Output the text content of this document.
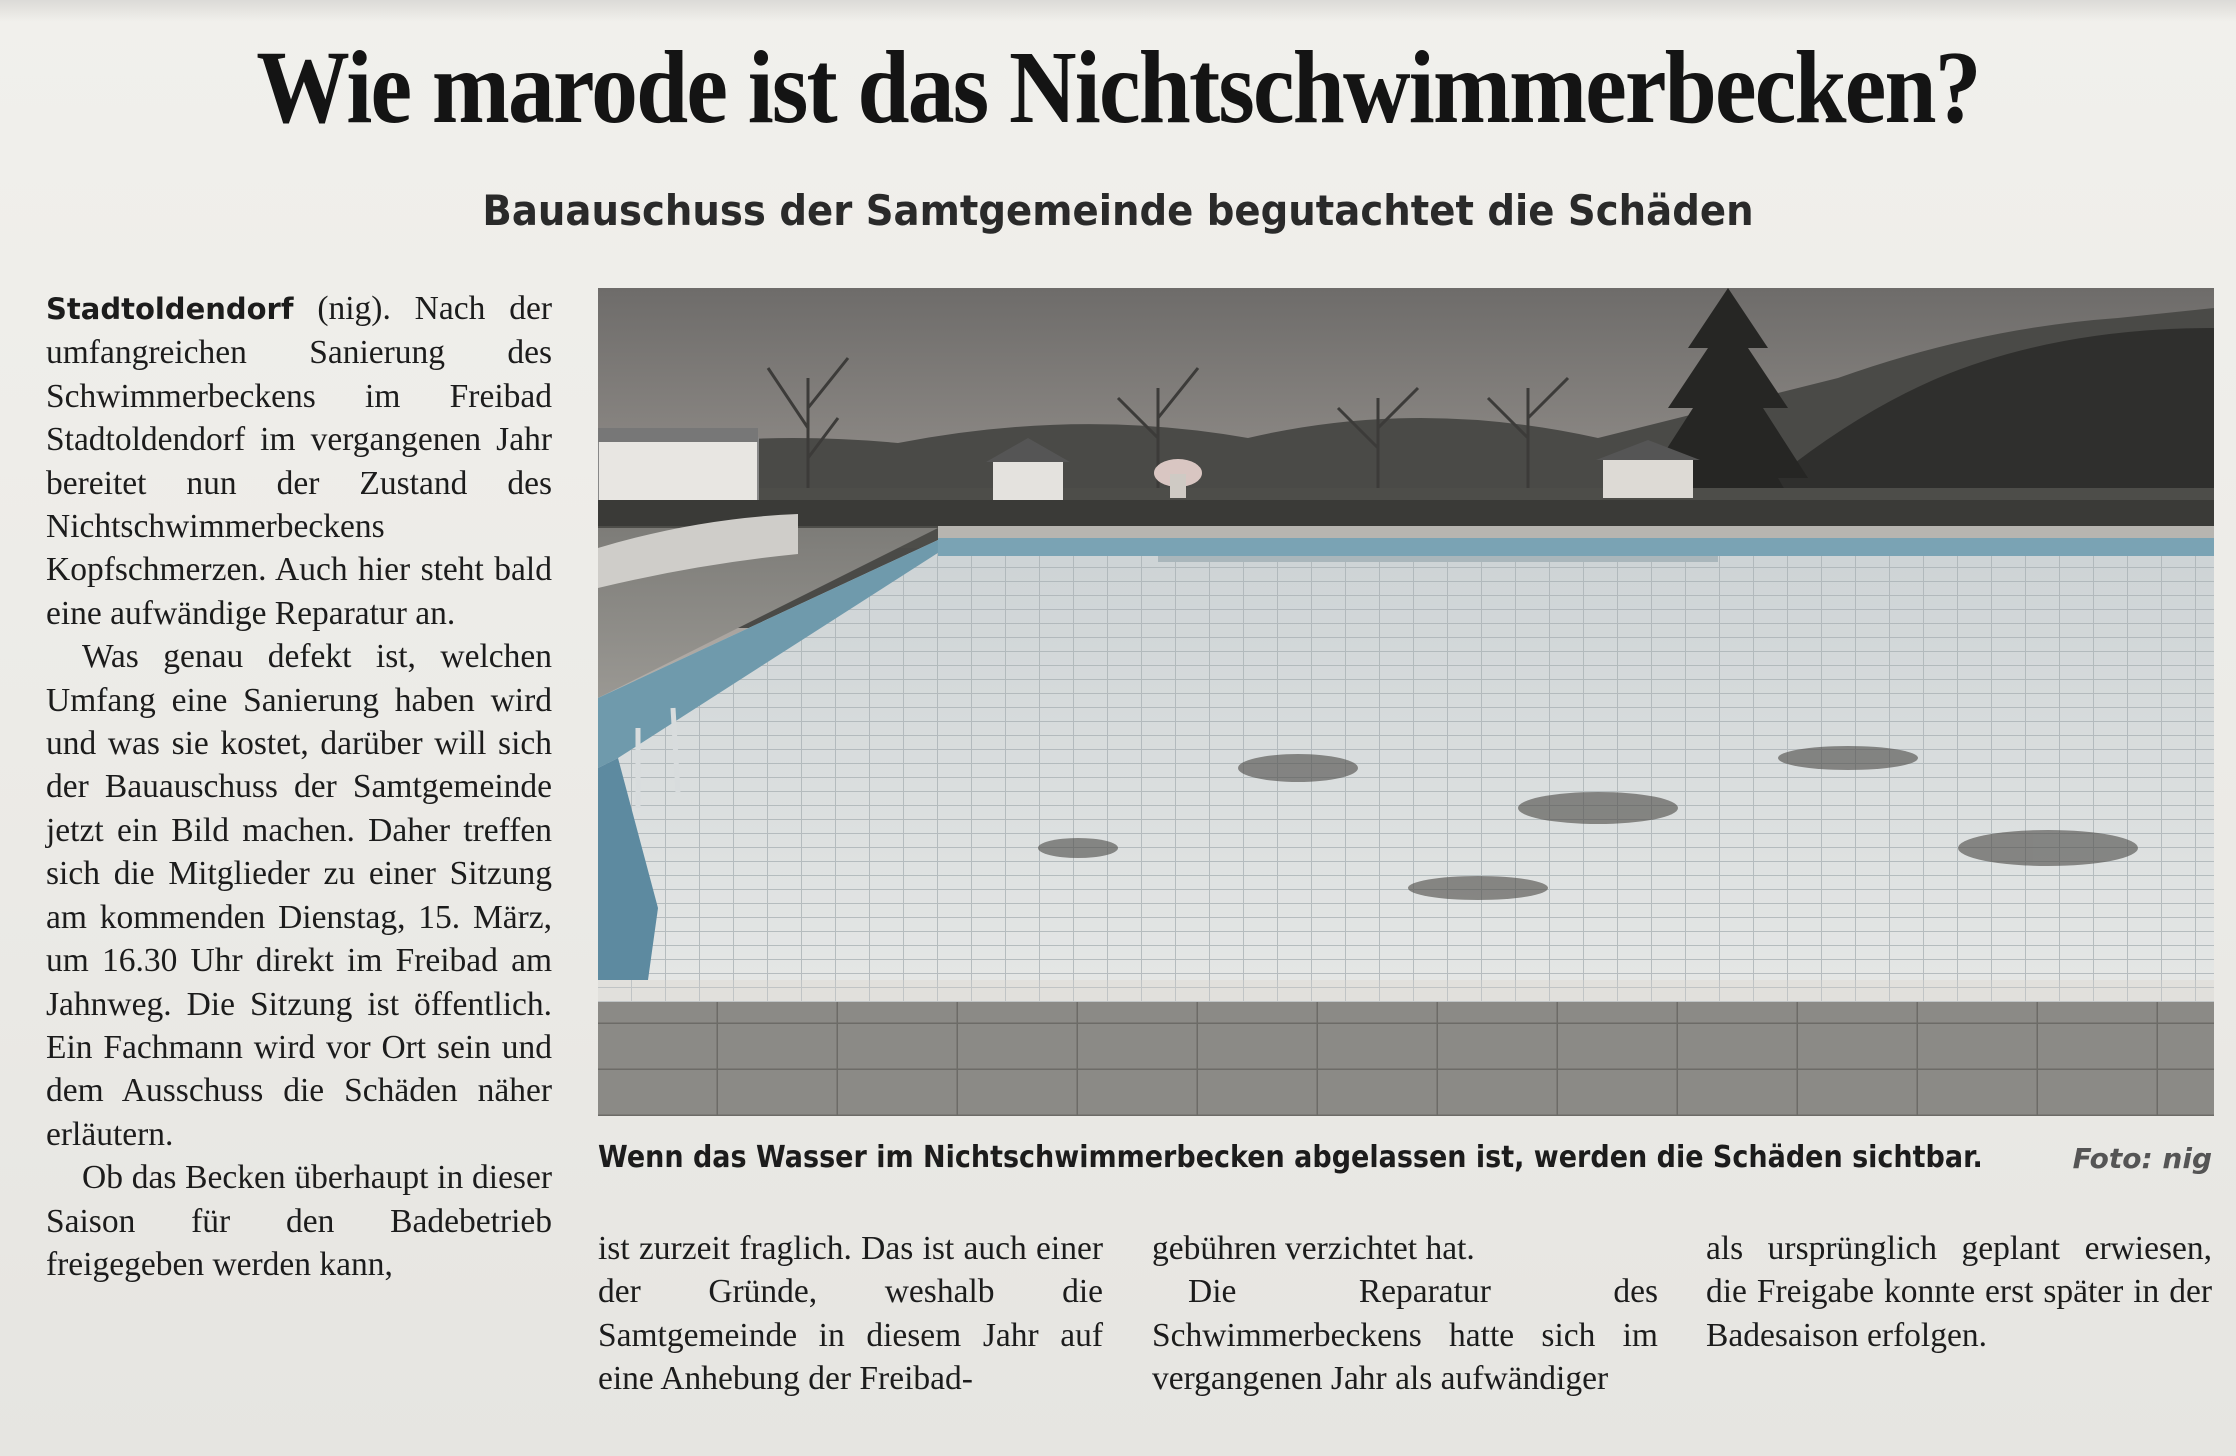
Wie marode ist das Nichtschwimmerbecken?
Bauauschuss der Samtgemeinde begutachtet die Schäden

Stadtoldendorf (nig). Nach der umfangreichen Sanierung des Schwimmerbeckens im Freibad Stadtoldendorf im vergangenen Jahr bereitet nun der Zustand des Nichtschwimmerbeckens Kopfschmerzen. Auch hier steht bald eine aufwändige Reparatur an.

Was genau defekt ist, welchen Umfang eine Sanierung haben wird und was sie kostet, darüber will sich der Bauauschuss der Samtgemeinde jetzt ein Bild machen. Daher treffen sich die Mitglieder zu einer Sitzung am kommenden Dienstag, 15. März, um 16.30 Uhr direkt im Freibad am Jahnweg. Die Sitzung ist öffentlich. Ein Fachmann wird vor Ort sein und dem Ausschuss die Schäden näher erläutern.

Ob das Becken überhaupt in dieser Saison für den Badebetrieb freigegeben werden kann,

Wenn das Wasser im Nichtschwimmerbecken abgelassen ist, werden die Schäden sichtbar.	Foto: nig

ist zurzeit fraglich. Das ist auch einer der Gründe, weshalb die Samtgemeinde in diesem Jahr auf eine Anhebung der Freibad-

gebühren verzichtet hat.

Die Reparatur des Schwimmerbeckens hatte sich im vergangenen Jahr als aufwändiger

als ursprünglich geplant erwiesen, die Freigabe konnte erst später in der Badesaison erfolgen.
